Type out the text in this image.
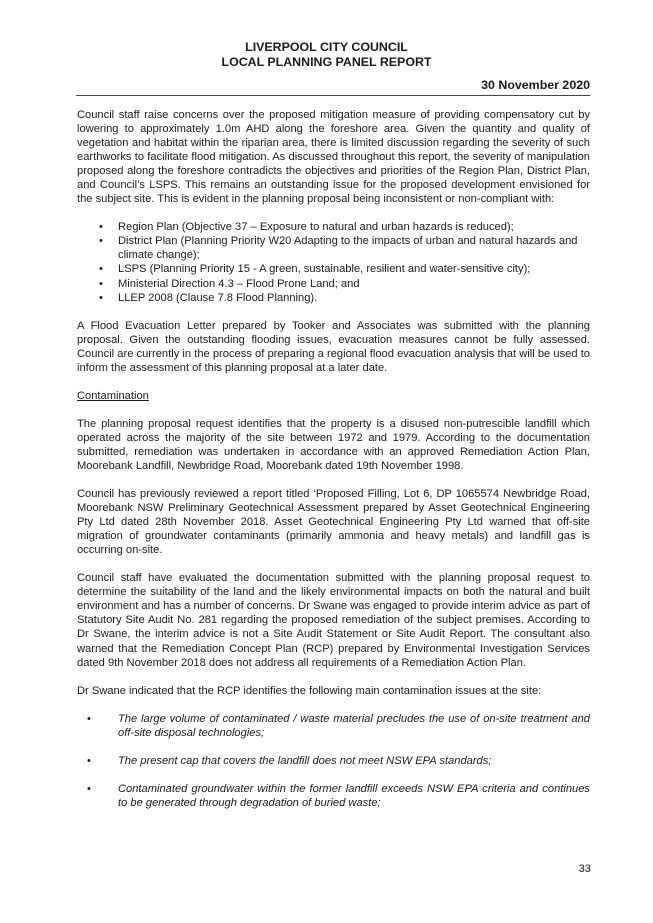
LIVERPOOL CITY COUNCIL
LOCAL PLANNING PANEL REPORT
30 November 2020

Council staff raise concerns over the proposed mitigation measure of providing compensatory cut by lowering to approximately 1.0m AHD along the foreshore area. Given the quantity and quality of vegetation and habitat within the riparian area, there is limited discussion regarding the severity of such earthworks to facilitate flood mitigation. As discussed throughout this report, the severity of manipulation proposed along the foreshore contradicts the objectives and priorities of the Region Plan, District Plan, and Council’s LSPS. This remains an outstanding issue for the proposed development envisioned for the subject site. This is evident in the planning proposal being inconsistent or non-compliant with:

• Region Plan (Objective 37 – Exposure to natural and urban hazards is reduced);
• District Plan (Planning Priority W20 Adapting to the impacts of urban and natural hazards and climate change);
• LSPS (Planning Priority 15 - A green, sustainable, resilient and water-sensitive city);
• Ministerial Direction 4.3 – Flood Prone Land; and
• LLEP 2008 (Clause 7.8 Flood Planning).

A Flood Evacuation Letter prepared by Tooker and Associates was submitted with the planning proposal. Given the outstanding flooding issues, evacuation measures cannot be fully assessed. Council are currently in the process of preparing a regional flood evacuation analysis that will be used to inform the assessment of this planning proposal at a later date.

Contamination

The planning proposal request identifies that the property is a disused non-putrescible landfill which operated across the majority of the site between 1972 and 1979. According to the documentation submitted, remediation was undertaken in accordance with an approved Remediation Action Plan, Moorebank Landfill, Newbridge Road, Moorebank dated 19th November 1998.

Council has previously reviewed a report titled ‘Proposed Filling, Lot 6, DP 1065574 Newbridge Road, Moorebank NSW Preliminary Geotechnical Assessment prepared by Asset Geotechnical Engineering Pty Ltd dated 28th November 2018. Asset Geotechnical Engineering Pty Ltd warned that off-site migration of groundwater contaminants (primarily ammonia and heavy metals) and landfill gas is occurring on-site.

Council staff have evaluated the documentation submitted with the planning proposal request to determine the suitability of the land and the likely environmental impacts on both the natural and built environment and has a number of concerns. Dr Swane was engaged to provide interim advice as part of Statutory Site Audit No. 281 regarding the proposed remediation of the subject premises. According to Dr Swane, the interim advice is not a Site Audit Statement or Site Audit Report. The consultant also warned that the Remediation Concept Plan (RCP) prepared by Environmental Investigation Services dated 9th November 2018 does not address all requirements of a Remediation Action Plan.

Dr Swane indicated that the RCP identifies the following main contamination issues at the site:

• The large volume of contaminated / waste material precludes the use of on-site treatment and off-site disposal technologies;
• The present cap that covers the landfill does not meet NSW EPA standards;
• Contaminated groundwater within the former landfill exceeds NSW EPA criteria and continues to be generated through degradation of buried waste;
33
